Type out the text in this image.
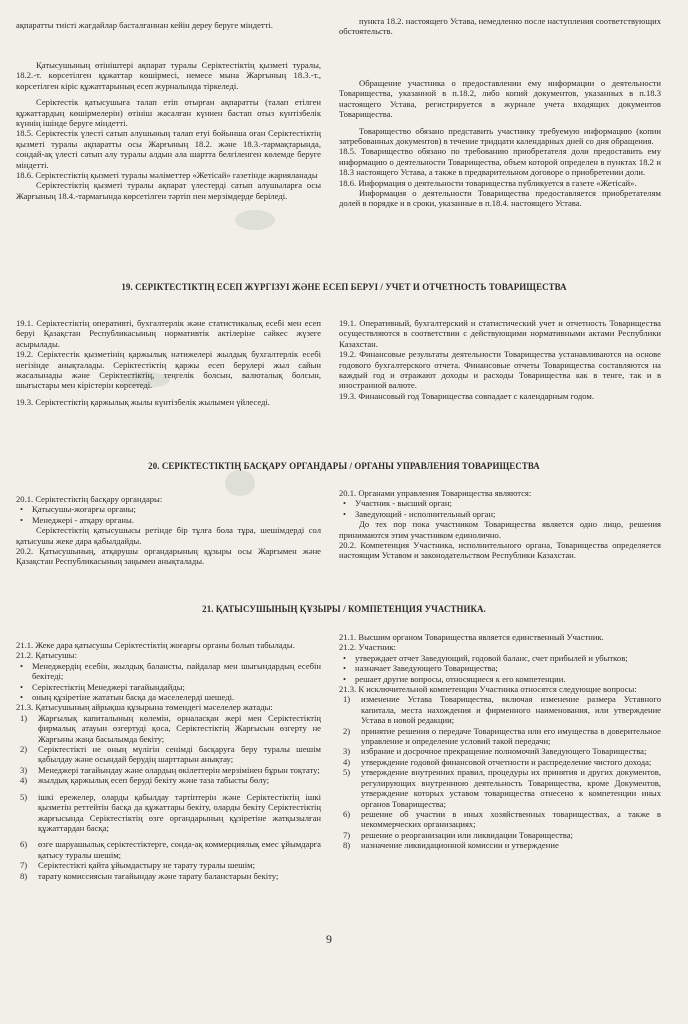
ақпаратты тиісті жағдайлар басталғаннан кейін дереу беруге міндетті.	пункта 18.2. настоящего Устава, немедленно после наступления соответствующих обстоятельств.

Қатысушының өтініштері ақпарат туралы Серіктестіктің қызметі туралы, 18.2.-т. көрсетілген құжаттар көшірмесі, немесе мына Жарғының 18.3.-т., көрсетілген кіріс құжаттарының есеп журналында тіркеледі.

Серіктестік қатысушыға талап етіп отырған ақпаратты (талап етілген құжаттардың көшірмелерін) өтініш жасалған күннен бастап отыз күнтізбелік күннің ішінде беруге міндетті.

18.5. Серіктестік үлесті сатып алушының талап етуі бойынша оған Серіктестіктің қызметі туралы ақпаратты осы Жарғының 18.2. және 18.3.-тармақтарында, сондай-ақ үлесті сатып алу туралы алдын ала шартта белгіленген көлемде беруге міндетті.

18.6. Серіктестіктің қызметі туралы мәліметтер «Жетісай» газетінде жарияланады

Серіктестіктің қызметі туралы ақпарат үлестерді сатып алушыларға осы Жарғының 18.4.-тармағында көрсетілген тәртіп пен мерзімдерде беріледі.

Обращение участника о предоставлении ему информации о деятельности Товарищества, указанной в п.18.2, либо копий документов, указанных в п.18.3 настоящего Устава, регистрируется в журнале учета входящих документов Товарищества.

Товарищество обязано представить участнику требуемую информацию (копии затребованных документов) в течение тридцати календарных дней со дня обращения.

18.5. Товарищество обязано по требованию приобретателя доли предоставить ему информацию о деятельности Товарищества, объем которой определен в пунктах 18.2 и 18.3 настоящего Устава, а также в предварительном договоре о приобретении доли.

18.6. Информация о деятельности товарищества публикуется в газете «Жетісай».

Информация о деятельности Товарищества предоставляется приобретателям долей в порядке и в сроки, указанные в п.18.4. настоящего Устава.

19. СЕРІКТЕСТІКТІҢ ЕСЕП ЖҮРГІЗУІ ЖӘНЕ ЕСЕП БЕРУІ / УЧЕТ И ОТЧЕТНОСТЬ ТОВАРИЩЕСТВА

19.1. Серіктестіктің оперативті, бухгалтерлік және статистикалық есебі мен есеп беруі Қазақстан Республикасының нормативтік актілеріне сәйкес жүзеге асырылады.

19.2. Серіктестік қызметінің қаржылық нәтижелері жылдық бухгалтерлік есебі негізінде анықталады. Серіктестіктің қаржы есеп берулері жыл сайын жасалынады және Серіктестіктің, теңгелік болсын, валюталық болсын, шығыстары мен кірістерін көрсетеді.

19.3. Серіктестіктің қаржылық жылы күнтізбелік жылымен үйлеседі.

19.1. Оперативный, бухгалтерский и статистический учет и отчетность Товарищества осуществляются в соответствии с действующими нормативными актами Республики Казахстан.

19.2. Финансовые результаты деятельности Товарищества устанавливаются на основе годового бухгалтерского отчета. Финансовые отчеты Товарищества составляются на каждый год и отражают доходы и расходы Товарищества как в тенге, так и в иностранной валюте.

19.3. Финансовый год Товарищества совпадает с календарным годом.

20. СЕРІКТЕСТІКТІҢ БАСҚАРУ ОРГАНДАРЫ / ОРГАНЫ УПРАВЛЕНИЯ ТОВАРИЩЕСТВА

20.1. Серіктестіктің басқару органдары:

• Қатысушы-жоғарғы органы;

• Менеджері - атқару органы.

Серіктестіктің қатысушысы ретінде бір тұлға бола тұра, шешімдерді сол қатысушы жеке дара қабылдайды.

20.2. Қатысушының, атқарушы органдарының құзыры осы Жарғымен және Қазақстан Республикасының заңымен анықталады.

20.1. Органами управления Товарищества являются:

• Участник - высший орган;

• Заведующий - исполнительный орган;

До тех пор пока участником Товарищества является одно лицо, решения принимаются этим участником единолично.

20.2. Компетенция Участника, исполнительного органа, Товарищества определяется настоящим Уставом и законодательством Республики Казахстан.

21. ҚАТЫСУШЫНЫҢ ҚҰЗЫРЫ / КОМПЕТЕНЦИЯ УЧАСТНИКА.

21.1. Жеке дара қатысушы Серіктестіктің жоғарғы органы болып табылады.

21.2. Қатысушы:

• Менеджердің есебін, жылдық балансты, пайдалар мен шығындардың есебін бекітеді;

• Серіктестіктің Менеджері тағайындайды;

• оның құзіретіне жататын басқа да мәселелерді шешеді.

21.3. Қатысушының айрықша құзырына төмендегі мәселелер жатады:

1) Жарғылық капиталының көлемін, орналасқан жері мен Серіктестіктің фирмалық атауын өзгертуді қоса, Серіктестіктің Жарғысын өзгерту не Жарғыны жаңа басылымда бекіту;

2) Серіктестікті не оның мүлігін сенімді басқаруға беру туралы шешім қабылдау және осындай берудің шарттарын анықтау;

3) Менеджері тағайындау және олардың өкілеттерін мерзімінен бұрын тоқтату;

4) жылдық қаржылық есеп беруді бекіту және таза табысты бөлу;

5) ішкі ережелер, оларды қабылдау тәртіптерін және Серіктестіктің ішкі қызметін реттейтін басқа да құжаттары бекіту, оларды бекіту Серіктестіктің жарғысында Серіктестіктің өзге органдарының құзіретіне жатқызылған құжаттардан басқа;

6) өзге шаруашылық серіктестіктерге, сонда-ақ коммерциялық емес ұйымдарға қатысу туралы шешім;

7) Серіктестікті қайта ұйымдастыру не тарату туралы шешім;

8) тарату комиссиясын тағайындау және тарату баланстарын бекіту;

21.1. Высшим органом Товарищества является единственный Участник.

21.2. Участник:

• утверждает отчет Заведующий, годовой баланс, счет прибылей и убытков;

• назначает Заведующего Товарищества;

• решает другие вопросы, относящиеся к его компетенции.

21.3. К исключительной компетенции Участника относятся следующие вопросы:

1) изменение Устава Товарищества, включая изменение размера Уставного капитала, места нахождения и фирменного наименования, или утверждение Устава в новой редакции;

2) принятие решения о передаче Товарищества или его имущества в доверительное управление и определение условий такой передачи;

3) избрание и досрочное прекращение полномочий Заведующего Товарищества;

4) утверждение годовой финансовой отчетности и распределение чистого дохода;

5) утверждение внутренних правил, процедуры их принятия и других документов, регулирующих внутреннюю деятельность Товарищества, кроме Документов, утверждение которых уставом товарищества отнесено к компетенции иных органов Товарищества;

6) решение об участии в иных хозяйственных товариществах, а также в некоммерческих организациях;

7) решение о реорганизации или ликвидации Товарищества;

8) назначение ликвидационной комиссии и утверждение

9
